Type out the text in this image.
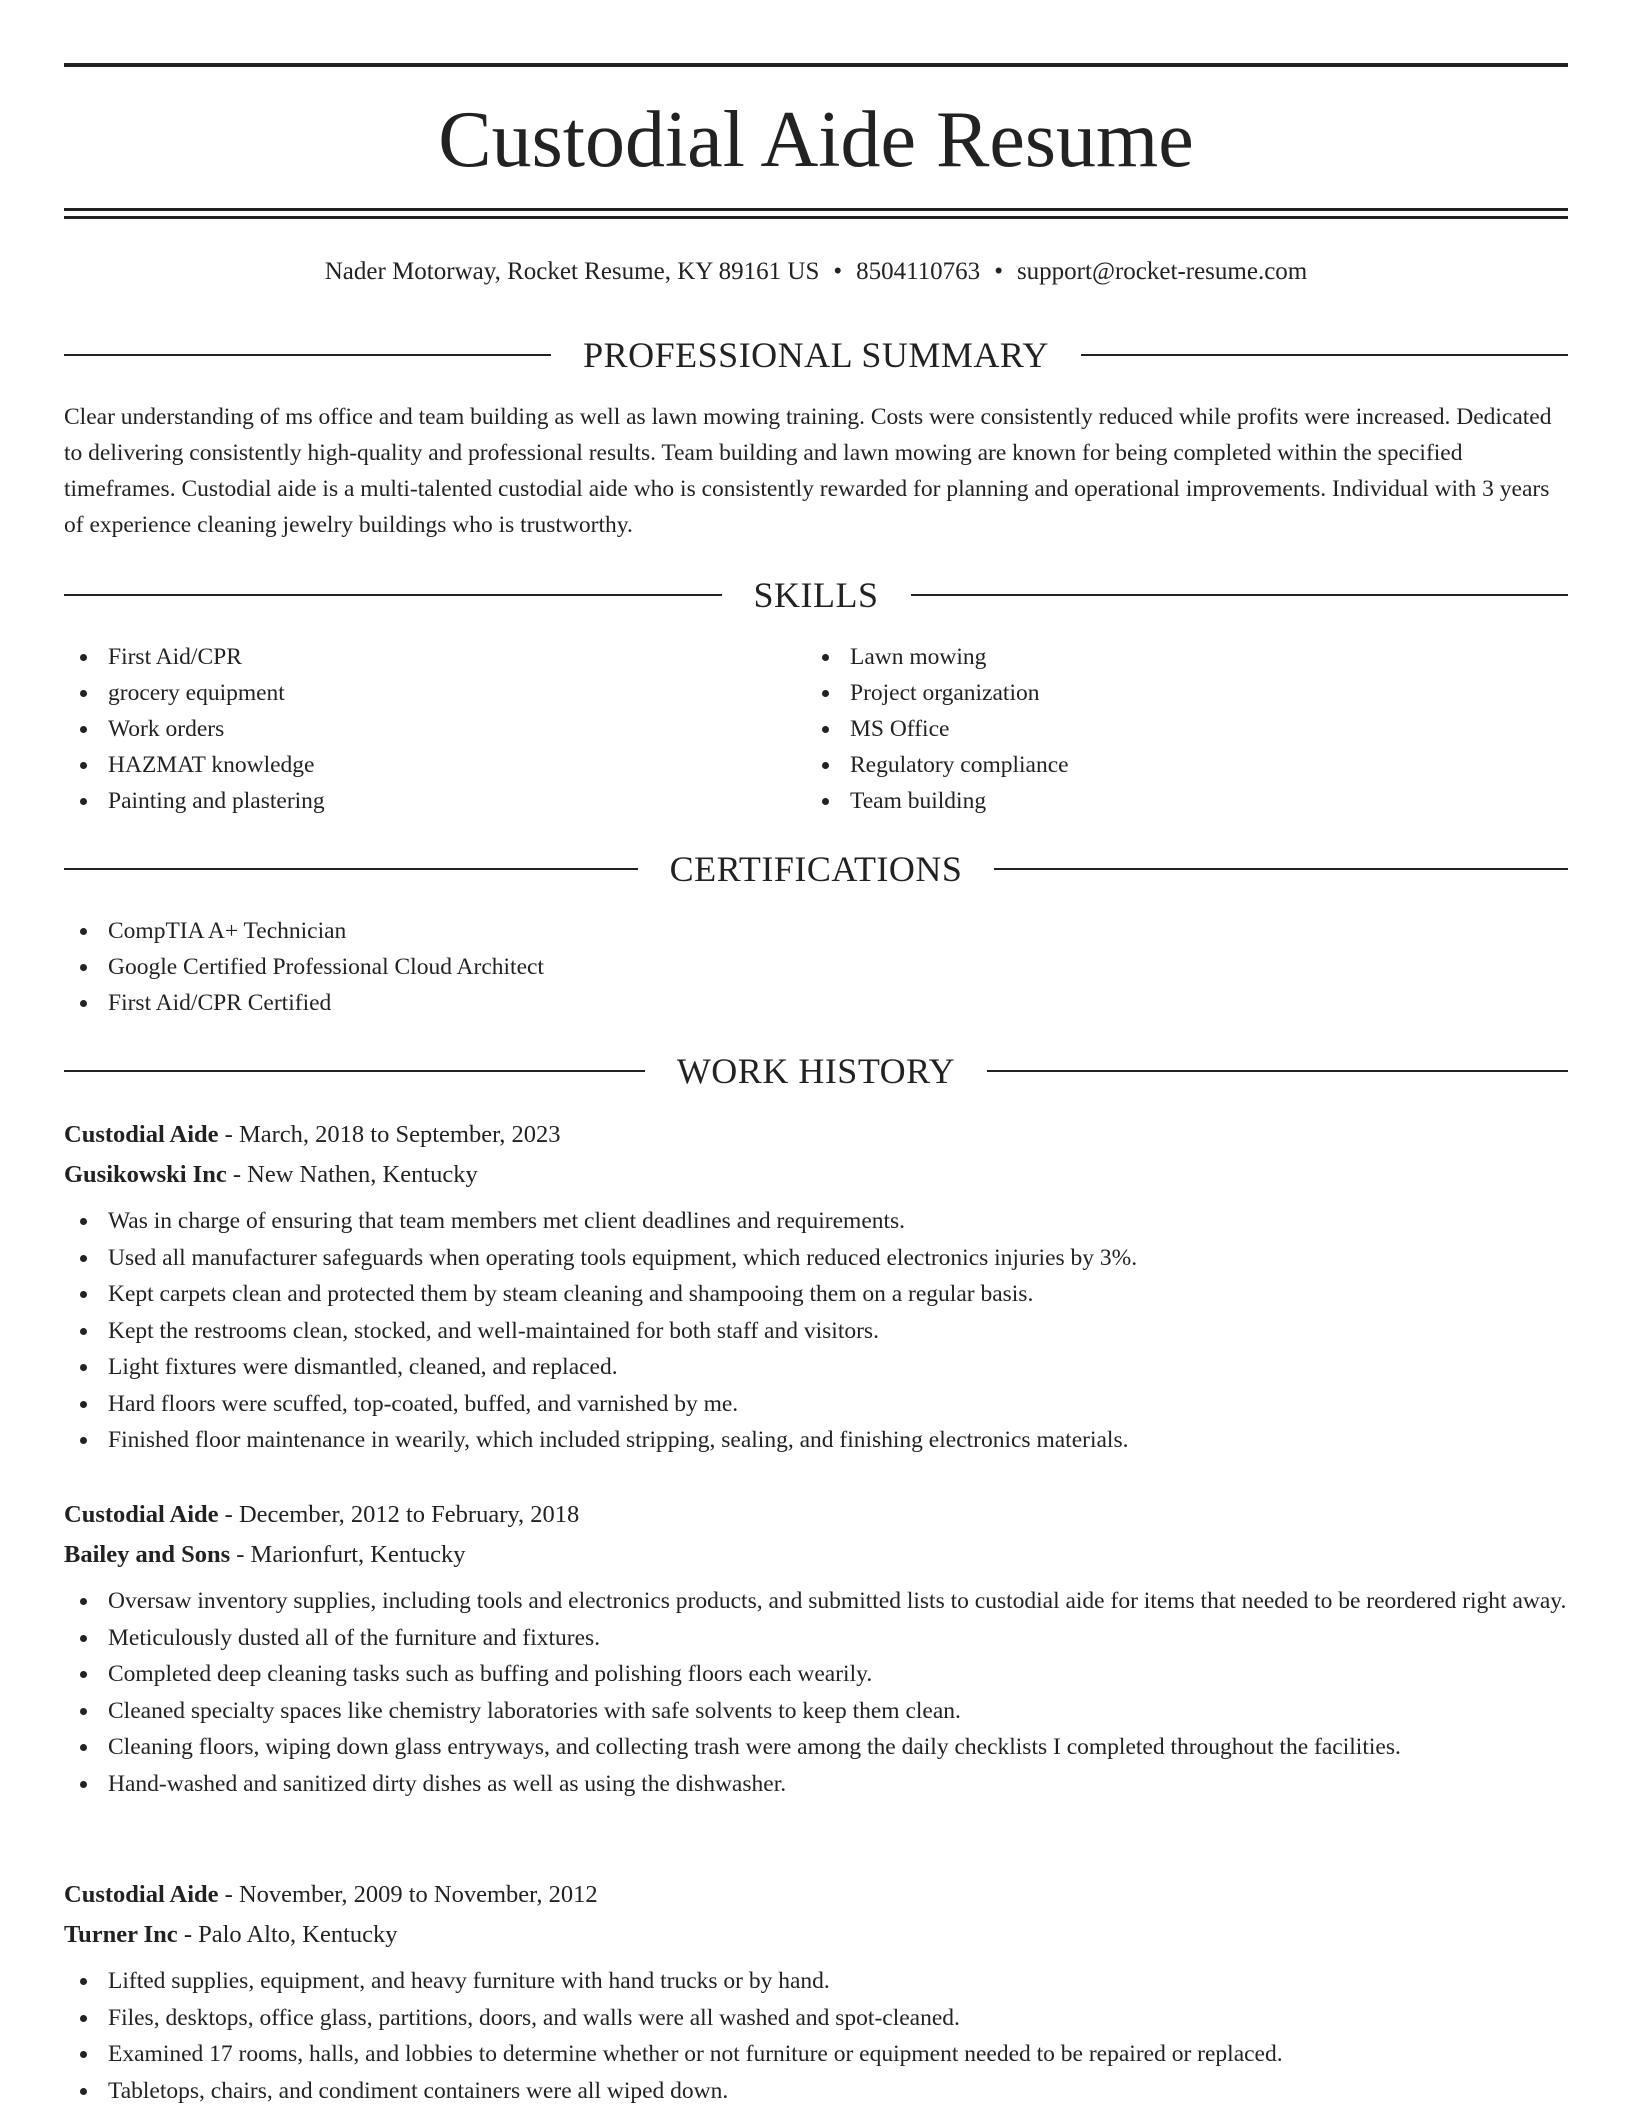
Custodial Aide Resume
Nader Motorway, Rocket Resume, KY 89161 US • 8504110763 • support@rocket-resume.com
PROFESSIONAL SUMMARY

Clear understanding of ms office and team building as well as lawn mowing training. Costs were consistently reduced while profits were increased. Dedicated to delivering consistently high-quality and professional results. Team building and lawn mowing are known for being completed within the specified timeframes. Custodial aide is a multi-talented custodial aide who is consistently rewarded for planning and operational improvements. Individual with 3 years of experience cleaning jewelry buildings who is trustworthy.

SKILLS
First Aid/CPR
grocery equipment
Work orders
HAZMAT knowledge
Painting and plastering
Lawn mowing
Project organization
MS Office
Regulatory compliance
Team building
CERTIFICATIONS
CompTIA A+ Technician
Google Certified Professional Cloud Architect
First Aid/CPR Certified
WORK HISTORY
Custodial Aide - March, 2018 to September, 2023
Gusikowski Inc - New Nathen, Kentucky
Was in charge of ensuring that team members met client deadlines and requirements.
Used all manufacturer safeguards when operating tools equipment, which reduced electronics injuries by 3%.
Kept carpets clean and protected them by steam cleaning and shampooing them on a regular basis.
Kept the restrooms clean, stocked, and well-maintained for both staff and visitors.
Light fixtures were dismantled, cleaned, and replaced.
Hard floors were scuffed, top-coated, buffed, and varnished by me.
Finished floor maintenance in wearily, which included stripping, sealing, and finishing electronics materials.
Custodial Aide - December, 2012 to February, 2018
Bailey and Sons - Marionfurt, Kentucky
Oversaw inventory supplies, including tools and electronics products, and submitted lists to custodial aide for items that needed to be reordered right away.
Meticulously dusted all of the furniture and fixtures.
Completed deep cleaning tasks such as buffing and polishing floors each wearily.
Cleaned specialty spaces like chemistry laboratories with safe solvents to keep them clean.
Cleaning floors, wiping down glass entryways, and collecting trash were among the daily checklists I completed throughout the facilities.
Hand-washed and sanitized dirty dishes as well as using the dishwasher.
Custodial Aide - November, 2009 to November, 2012
Turner Inc - Palo Alto, Kentucky
Lifted supplies, equipment, and heavy furniture with hand trucks or by hand.
Files, desktops, office glass, partitions, doors, and walls were all washed and spot-cleaned.
Examined 17 rooms, halls, and lobbies to determine whether or not furniture or equipment needed to be repaired or replaced.
Tabletops, chairs, and condiment containers were all wiped down.
